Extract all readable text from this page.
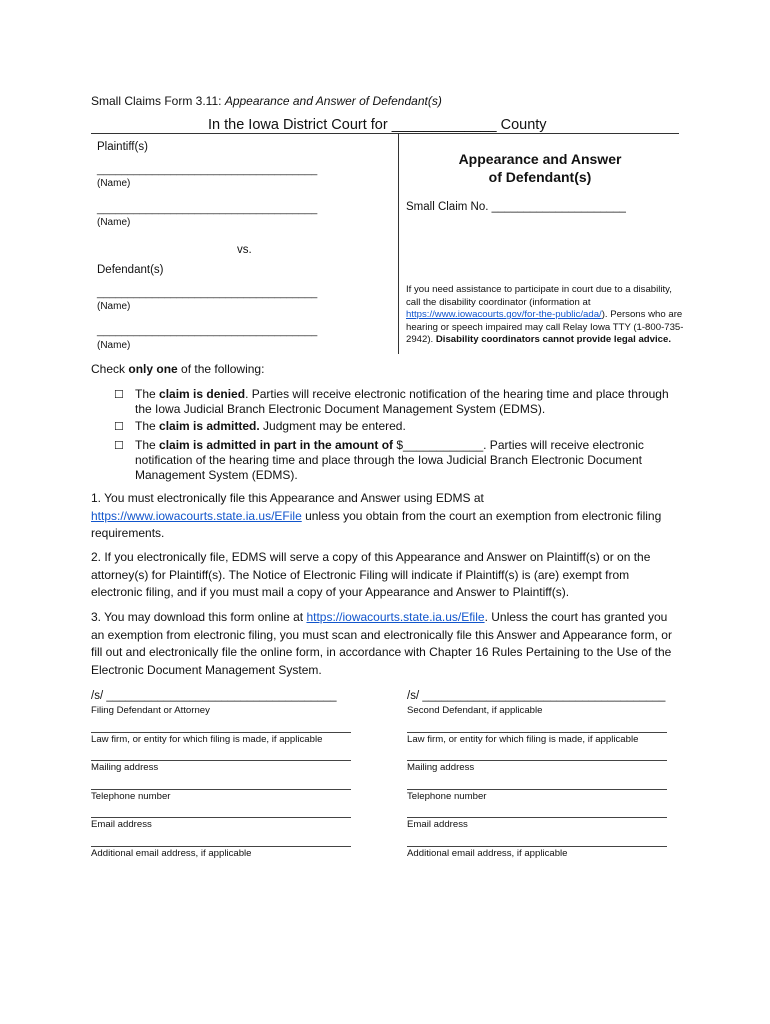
Small Claims Form 3.11: Appearance and Answer of Defendant(s)
In the Iowa District Court for _____________ County
Plaintiff(s)
____________________________________
(Name)
____________________________________
(Name)
vs.
Defendant(s)
____________________________________
(Name)
____________________________________
(Name)
Appearance and Answer
of Defendant(s)
Small Claim No. _____________________
If you need assistance to participate in court due to a disability, call the disability coordinator (information at https://www.iowacourts.gov/for-the-public/ada/). Persons who are hearing or speech impaired may call Relay Iowa TTY (1-800-735-2942). Disability coordinators cannot provide legal advice.
Check only one of the following:
☐ The claim is denied. Parties will receive electronic notification of the hearing time and place through the Iowa Judicial Branch Electronic Document Management System (EDMS).
☐ The claim is admitted. Judgment may be entered.
☐ The claim is admitted in part in the amount of $____________. Parties will receive electronic notification of the hearing time and place through the Iowa Judicial Branch Electronic Document Management System (EDMS).
1. You must electronically file this Appearance and Answer using EDMS at https://www.iowacourts.state.ia.us/EFile unless you obtain from the court an exemption from electronic filing requirements.
2. If you electronically file, EDMS will serve a copy of this Appearance and Answer on Plaintiff(s) or on the attorney(s) for Plaintiff(s). The Notice of Electronic Filing will indicate if Plaintiff(s) is (are) exempt from electronic filing, and if you must mail a copy of your Appearance and Answer to Plaintiff(s).
3. You may download this form online at https://iowacourts.state.ia.us/Efile. Unless the court has granted you an exemption from electronic filing, you must scan and electronically file this Answer and Appearance form, or fill out and electronically file the online form, in accordance with Chapter 16 Rules Pertaining to the Use of the Electronic Document Management System.
/s/ ____________________________________
Filing Defendant or Attorney
Law firm, or entity for which filing is made, if applicable
Mailing address
Telephone number
Email address
Additional email address, if applicable
/s/ ______________________________________
Second Defendant, if applicable
Law firm, or entity for which filing is made, if applicable
Mailing address
Telephone number
Email address
Additional email address, if applicable
